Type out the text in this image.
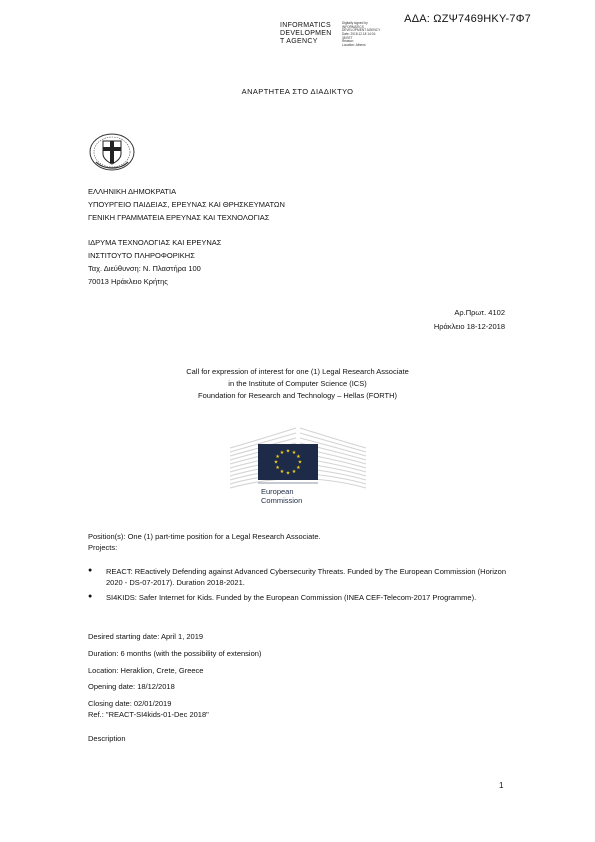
ΑΔΑ: ΩΖΨ7469ΗΚΥ-7Φ7
INFORMATICS
DEVELOPMEN
T AGENCY
Digitally signed by
INFORMATICS
DEVELOPMENT AGENCY
Date: 2018.12.18 14:01:
38 EET
Reason:
Location: Athens
ΑΝΑΡΤΗΤΕΑ ΣΤΟ ΔΙΑΔΙΚΤΥΟ
ΕΛΛΗΝΙΚΗ ΔΗΜΟΚΡΑΤΙΑ
ΥΠΟΥΡΓΕΙΟ ΠΑΙΔΕΙΑΣ, ΕΡΕΥΝΑΣ ΚΑΙ ΘΡΗΣΚΕΥΜΑΤΩΝ
ΓΕΝΙΚΗ ΓΡΑΜΜΑΤΕΙΑ ΕΡΕΥΝΑΣ ΚΑΙ ΤΕΧΝΟΛΟΓΙΑΣ
ΙΔΡΥΜΑ ΤΕΧΝΟΛΟΓΙΑΣ ΚΑΙ ΕΡΕΥΝΑΣ
ΙΝΣΤΙΤΟΥΤΟ ΠΛΗΡΟΦΟΡΙΚΗΣ
Ταχ. Διεύθυνση: Ν. Πλαστήρα 100
70013 Ηράκλειο Κρήτης
Αρ.Πρωτ. 4102
Ηράκλειο 18-12-2018
Call for expression of interest for one (1) Legal Research Associate
in the Institute of Computer Science (ICS)
Foundation for Research and Technology – Hellas (FORTH)
★ ★
★
★
★
★
★
★
★
★
★
★
European
Commission
Position(s): One (1) part-time position for a Legal Research Associate.
Projects:
●	REACT: REactively Defending against Advanced Cybersecurity Threats. Funded by The European Commission (Horizon 2020 - DS-07-2017). Duration 2018-2021.
●	SI4KIDS: Safer Internet for Kids. Funded by the European Commission (INEA CEF-Telecom-2017 Programme).
Desired starting date: April 1, 2019
Duration: 6 months (with the possibility of extension)
Location: Heraklion, Crete, Greece
Opening date: 18/12/2018
Closing date: 02/01/2019
Ref.: "REACT-SI4kids-01-Dec 2018"
Description
1
